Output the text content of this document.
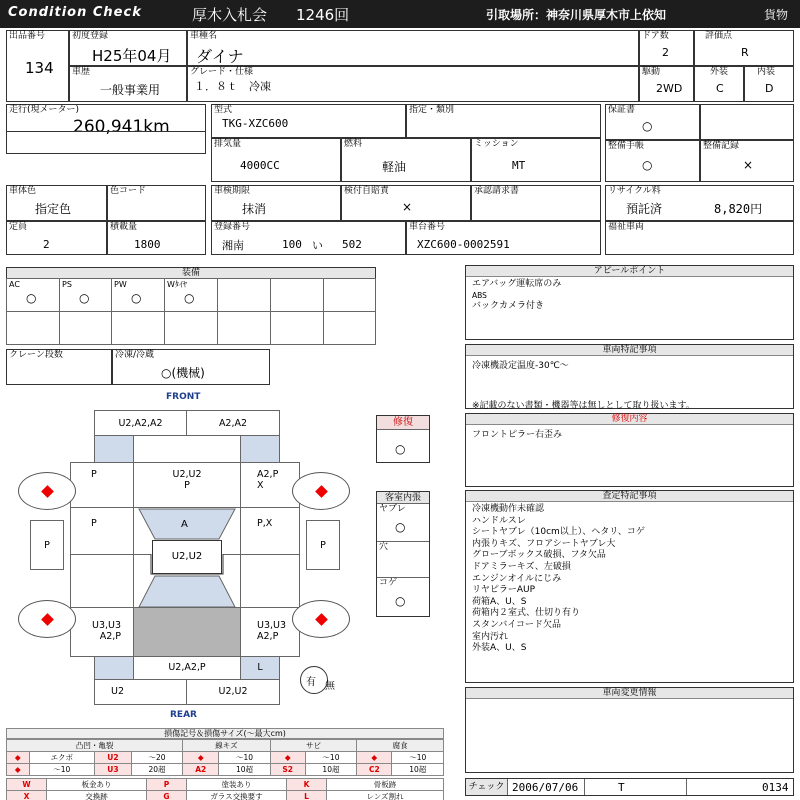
Condition Check	厚木入札会 1246回	引取場所：神奈川県厚木市上依知	貨物
出品番号
134
初度登録
H25年04月
車種名
ダイナ
ドア数
2
評価点
R
車歴
一般事業用
グレード・仕様
１．８ｔ　冷凍
駆動
2WD
外装
C
内装
D
走行(現メーター)
260,941km
型式
TKG-XZC600
指定・類別	保証書
○
排気量
4000CC
燃料
軽油
ミッション
MT
整備手帳
○
整備記録
×
車体色
指定色
色コード	車検期限
抹消
検付自賠責
×
承認請求書	リサイクル料
預託済	8,820円
定員
2
積載量
1800
登録番号
湘南	100 い 502
車台番号
XZC600-0002591
福祉車両
装備
AC
○
PS
○
PW
○
Wﾀｲﾔ
○
クレーン段数	冷凍/冷蔵
○(機械)
FRONT
U2,A2,A2	A2,A2
P	U2,U2
P
A2,P
X
P	A	P,X
P	P
U2,U2
U3,U3
A2,P
U3,U3
A2,P
U2,A2,P	L
U2	U2,U2
有 無
REAR
修復
○
客室内張
ヤブレ
○
穴
コゲ
○
アピールポイント
エアバッグ運転席のみ
ABS
バックカメラ付き
車両特記事項
冷凍機設定温度-30℃～
※記載のない書類・機器等は無しとして取り扱います。
修復内容
フロントピラー右歪み
査定特記事項
冷凍機動作未確認
ハンドルスレ
シートヤブレ（10cm以上）、ヘタリ、コゲ
内張りキズ、フロアシートヤブレ大
グローブボックス破損、フタ欠品
ドアミラーキズ、左破損
エンジンオイルにじみ
リヤピラーAUP
荷箱A、U、S
荷箱内２室式、仕切り有り
スタンバイコード欠品
室内汚れ
外装A、U、S
車両変更情報
チェック 2006/07/06	T	0134
損傷記号＆損傷サイズ(～最大cm)
凸凹・亀裂				線キズ		サビ		腐食	
◆	エクボ	U2	～20	◆	～10	◆	～10	◆	～10
◆	～10	U3	20超	A2	10超	S2	10超	C2	10超
W	板金あり	P	塗装あり	K	骨板跡
X	交換跡	G	ガラス交換要す	L	レンズ割れ
